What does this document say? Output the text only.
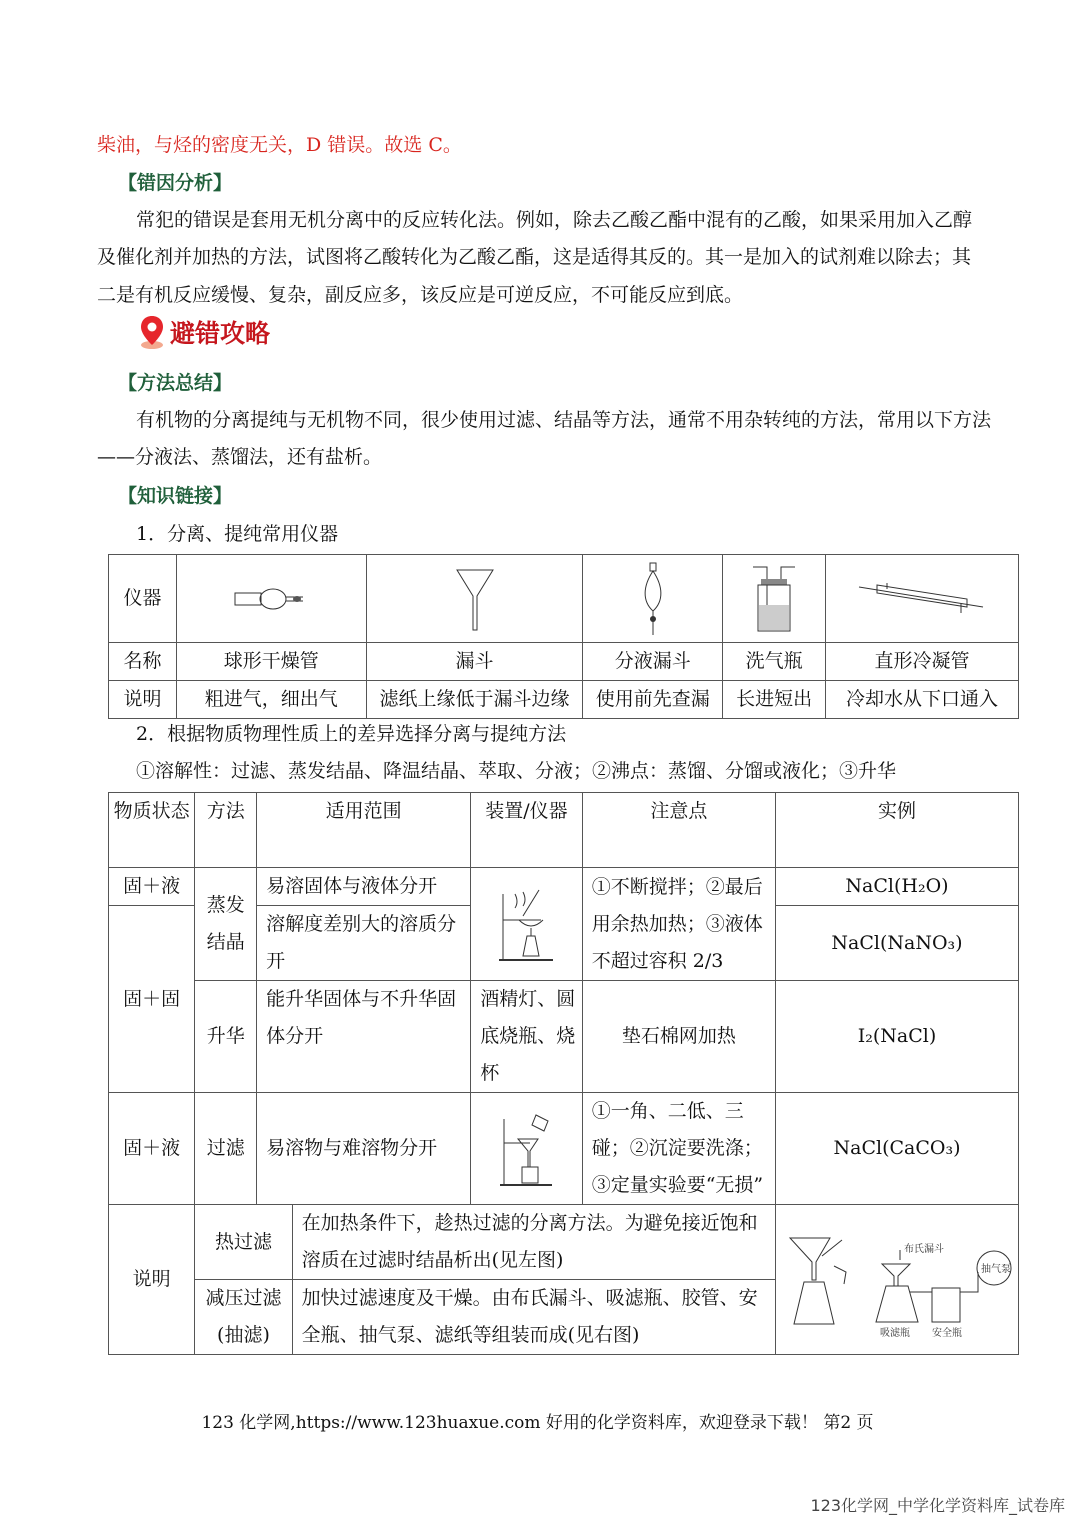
柴油，与烃的密度无关，D 错误。故选 C。
【错因分析】
常犯的错误是套用无机分离中的反应转化法。例如，除去乙酸乙酯中混有的乙酸，如果采用加入乙醇
及催化剂并加热的方法，试图将乙酸转化为乙酸乙酯，这是适得其反的。其一是加入的试剂难以除去；其
二是有机反应缓慢、复杂，副反应多，该反应是可逆反应，不可能反应到底。
避错攻略
【方法总结】
有机物的分离提纯与无机物不同，很少使用过滤、结晶等方法，通常不用杂转纯的方法，常用以下方法
——分液法、蒸馏法，还有盐析。
【知识链接】
1．分离、提纯常用仪器
仪器	

名称	球形干燥管	漏斗	分液漏斗	洗气瓶	直形冷凝管
说明	粗进气，细出气	滤纸上缘低于漏斗边缘	使用前先查漏	长进短出	冷却水从下口通入
2．根据物质物理性质上的差异选择分离与提纯方法
①溶解性：过滤、蒸发结晶、降温结晶、萃取、分液；②沸点：蒸馏、分馏或液化；③升华
物质状态	方法	适用范围		装置/仪器	注意点	实例
固＋液	蒸发结晶	易溶固体与液体分开			①不断搅拌；②最后用余热加热；③液体不超过容积 2/3	NaCl(H₂O)
固＋固		溶解度差别大的溶质分开				NaCl(NaNO₃)
	升华	能升华固体与不升华固体分开		酒精灯、圆底烧瓶、烧杯	垫石棉网加热	I₂(NaCl)
固＋液	过滤	易溶物与难溶物分开			①一角、二低、三碰；②沉淀要洗涤；③定量实验要“无损”	NaCl(CaCO₃)
说明	热过滤		在加热条件下，趁热过滤的分离方法。为避免接近饱和溶质在过滤时结晶析出(见左图)			布氏漏斗
抽气泵
吸滤瓶 安全瓶

	减压过滤(抽滤)		加快过滤速度及干燥。由布氏漏斗、吸滤瓶、胶管、安全瓶、抽气泵、滤纸等组装而成(见右图)			
123 化学网,https://www.123huaxue.com 好用的化学资料库，欢迎登录下载！ 第2 页
123化学网_中学化学资料库_试卷库
